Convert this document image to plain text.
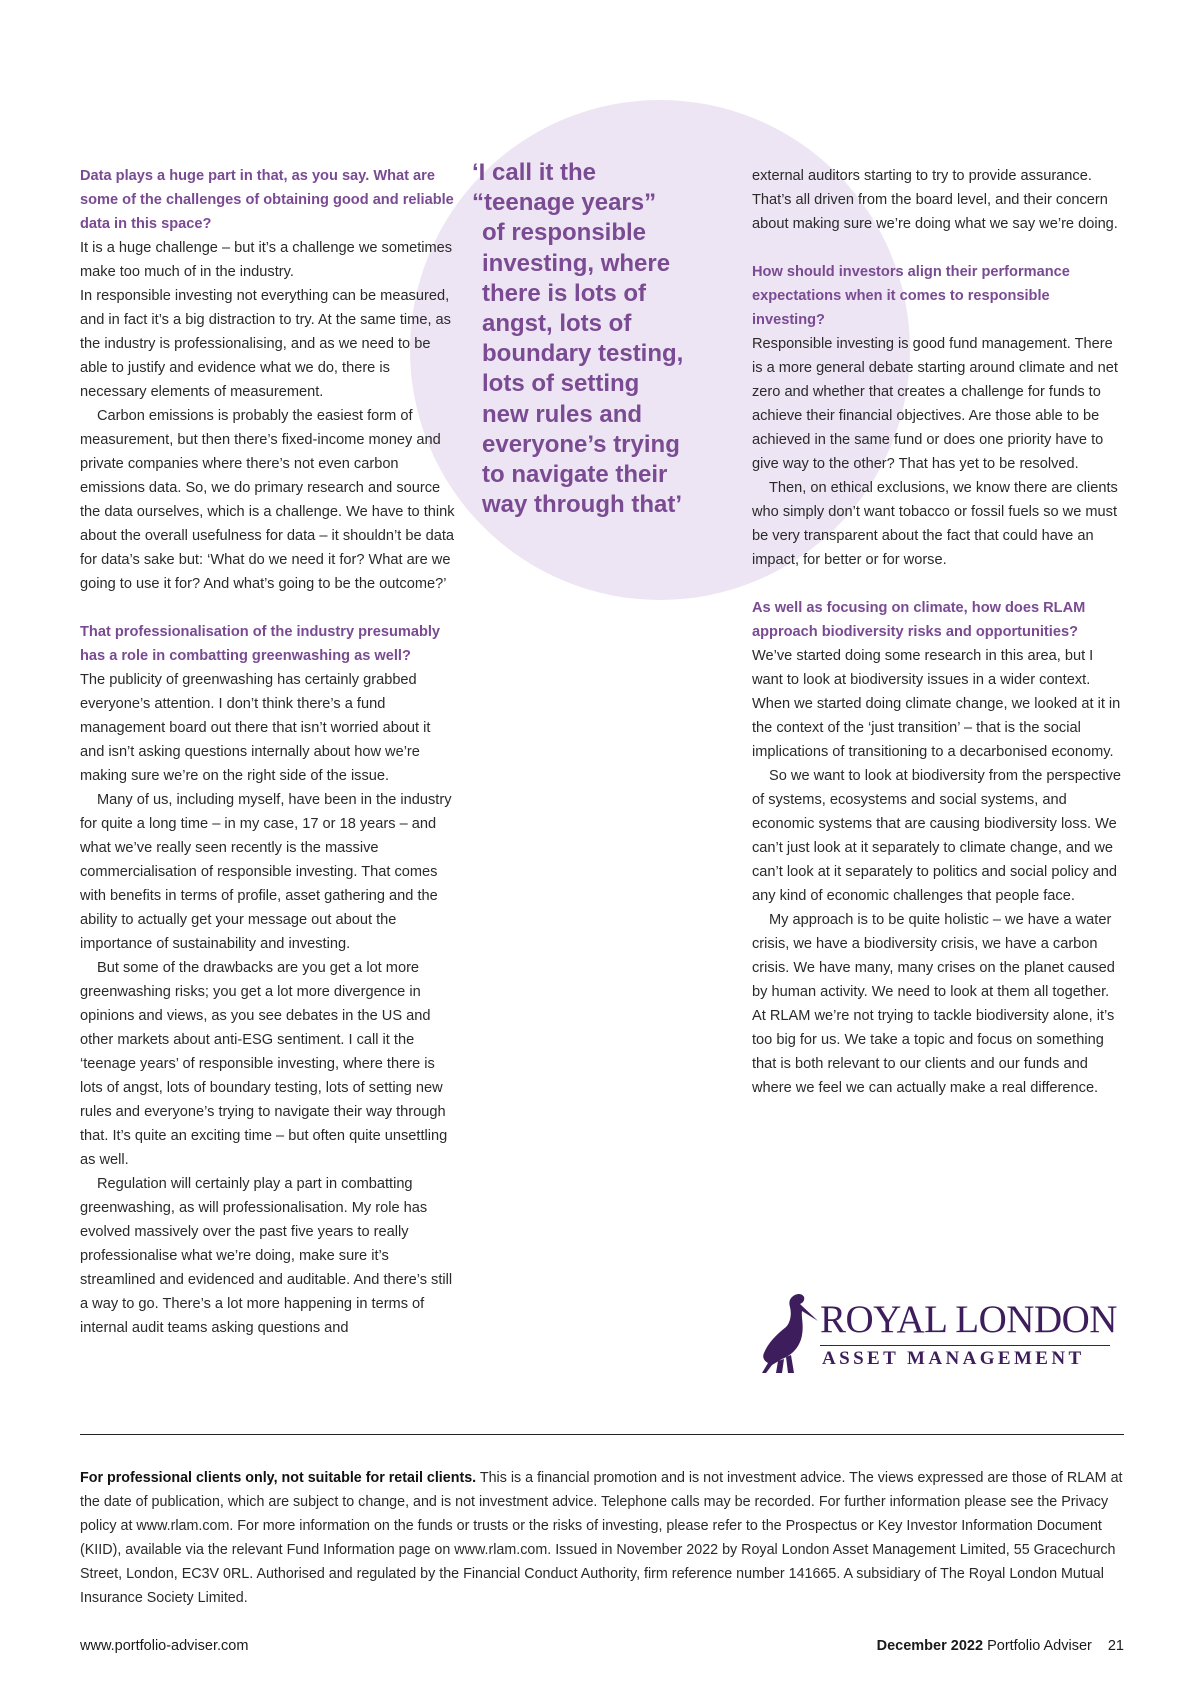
Data plays a huge part in that, as you say. What are some of the challenges of obtaining good and reliable data in this space?

It is a huge challenge – but it’s a challenge we sometimes make too much of in the industry.

In responsible investing not everything can be measured, and in fact it’s a big distraction to try. At the same time, as the industry is professionalising, and as we need to be able to justify and evidence what we do, there is necessary elements of measurement.

Carbon emissions is probably the easiest form of measurement, but then there’s fixed-income money and private companies where there’s not even carbon emissions data. So, we do primary research and source the data ourselves, which is a challenge. We have to think about the overall usefulness for data – it shouldn’t be data for data’s sake but: ‘What do we need it for? What are we going to use it for? And what’s going to be the outcome?’

That professionalisation of the industry presumably has a role in combatting greenwashing as well?

The publicity of greenwashing has certainly grabbed everyone’s attention. I don’t think there’s a fund management board out there that isn’t worried about it and isn’t asking questions internally about how we’re making sure we’re on the right side of the issue.

Many of us, including myself, have been in the industry for quite a long time – in my case, 17 or 18 years – and what we’ve really seen recently is the massive commercialisation of responsible investing. That comes with benefits in terms of profile, asset gathering and the ability to actually get your message out about the importance of sustainability and investing.

But some of the drawbacks are you get a lot more greenwashing risks; you get a lot more divergence in opinions and views, as you see debates in the US and other markets about anti-ESG sentiment. I call it the ‘teenage years’ of responsible investing, where there is lots of angst, lots of boundary testing, lots of setting new rules and everyone’s trying to navigate their way through that. It’s quite an exciting time – but often quite unsettling as well.

Regulation will certainly play a part in combatting greenwashing, as will professionalisation. My role has evolved massively over the past five years to really professionalise what we’re doing, make sure it’s streamlined and evidenced and auditable. And there’s still a way to go. There’s a lot more happening in terms of internal audit teams asking questions and

‘I call it the
“teenage years”
of responsible
investing, where
there is lots of
angst, lots of
boundary testing,
lots of setting
new rules and
everyone’s trying
to navigate their
way through that’

external auditors starting to try to provide assurance. That’s all driven from the board level, and their concern about making sure we’re doing what we say we’re doing.

How should investors align their performance expectations when it comes to responsible investing?

Responsible investing is good fund management. There is a more general debate starting around climate and net zero and whether that creates a challenge for funds to achieve their financial objectives. Are those able to be achieved in the same fund or does one priority have to give way to the other? That has yet to be resolved.

Then, on ethical exclusions, we know there are clients who simply don’t want tobacco or fossil fuels so we must be very transparent about the fact that could have an impact, for better or for worse.

As well as focusing on climate, how does RLAM approach biodiversity risks and opportunities?

We’ve started doing some research in this area, but I want to look at biodiversity issues in a wider context. When we started doing climate change, we looked at it in the context of the ‘just transition’ – that is the social implications of transitioning to a decarbonised economy.

So we want to look at biodiversity from the perspective of systems, ecosystems and social systems, and economic systems that are causing biodiversity loss. We can’t just look at it separately to climate change, and we can’t look at it separately to politics and social policy and any kind of economic challenges that people face.

My approach is to be quite holistic – we have a water crisis, we have a biodiversity crisis, we have a carbon crisis. We have many, many crises on the planet caused by human activity. We need to look at them all together. At RLAM we’re not trying to tackle biodiversity alone, it’s too big for us. We take a topic and focus on something that is both relevant to our clients and our funds and where we feel we can actually make a real difference.

ROYAL LONDON
ASSET MANAGEMENT
For professional clients only, not suitable for retail clients. This is a financial promotion and is not investment advice. The views expressed are those of RLAM at the date of publication, which are subject to change, and is not investment advice. Telephone calls may be recorded. For further information please see the Privacy policy at www.rlam.com. For more information on the funds or trusts or the risks of investing, please refer to the Prospectus or Key Investor Information Document (KIID), available via the relevant Fund Information page on www.rlam.com. Issued in November 2022 by Royal London Asset Management Limited, 55 Gracechurch Street, London, EC3V 0RL. Authorised and regulated by the Financial Conduct Authority, firm reference number 141665. A subsidiary of The Royal London Mutual Insurance Society Limited.
www.portfolio-adviser.com	December 2022 Portfolio Adviser 21
